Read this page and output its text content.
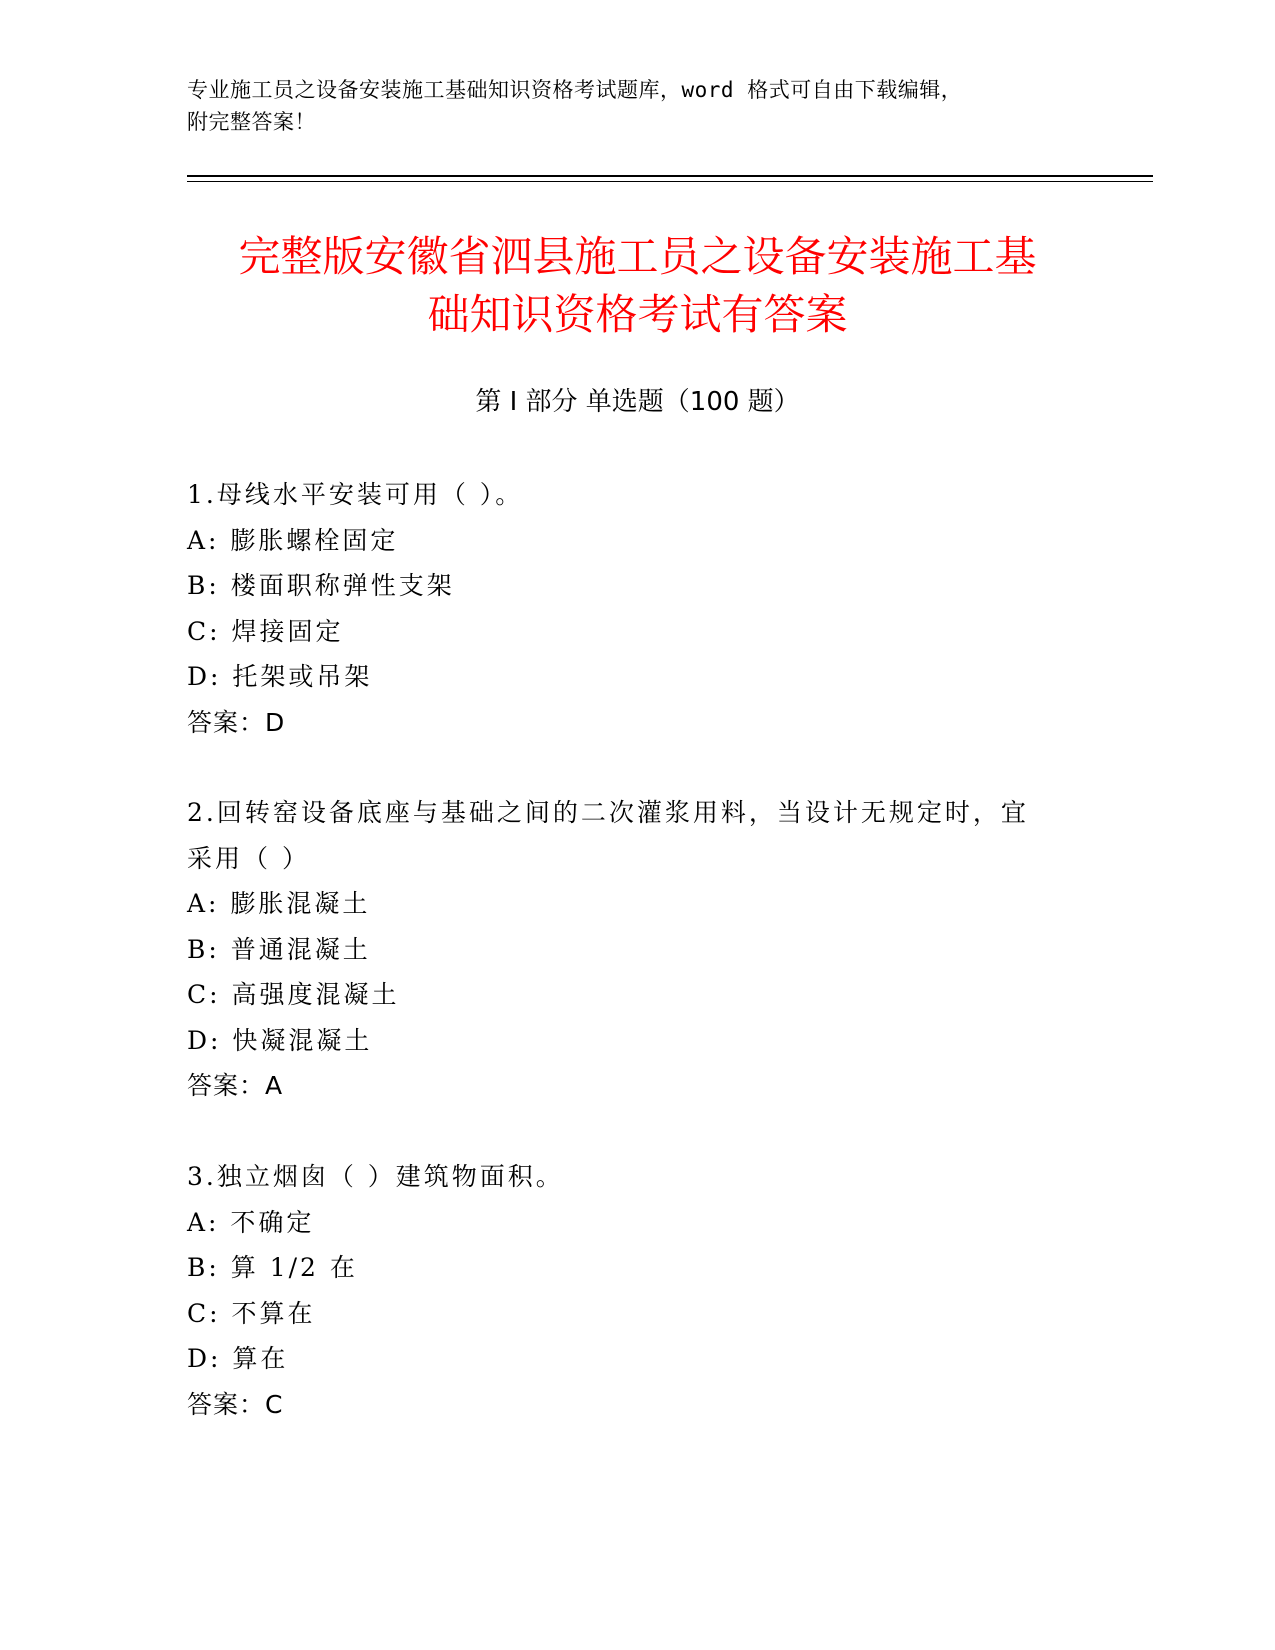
专业施工员之设备安装施工基础知识资格考试题库，word 格式可自由下载编辑，
附完整答案！
完整版安徽省泗县施工员之设备安装施工基
础知识资格考试有答案
第 I 部分 单选题（100 题）
1.母线水平安装可用（ ）。
A: 膨胀螺栓固定
B: 楼面职称弹性支架
C: 焊接固定
D: 托架或吊架
答案：D
2.回转窑设备底座与基础之间的二次灌浆用料，当设计无规定时，宜
采用（ ）
A: 膨胀混凝土
B: 普通混凝土
C: 高强度混凝土
D: 快凝混凝土
答案：A
3.独立烟囱（ ）建筑物面积。
A: 不确定
B: 算 1/2 在
C: 不算在
D: 算在
答案：C
